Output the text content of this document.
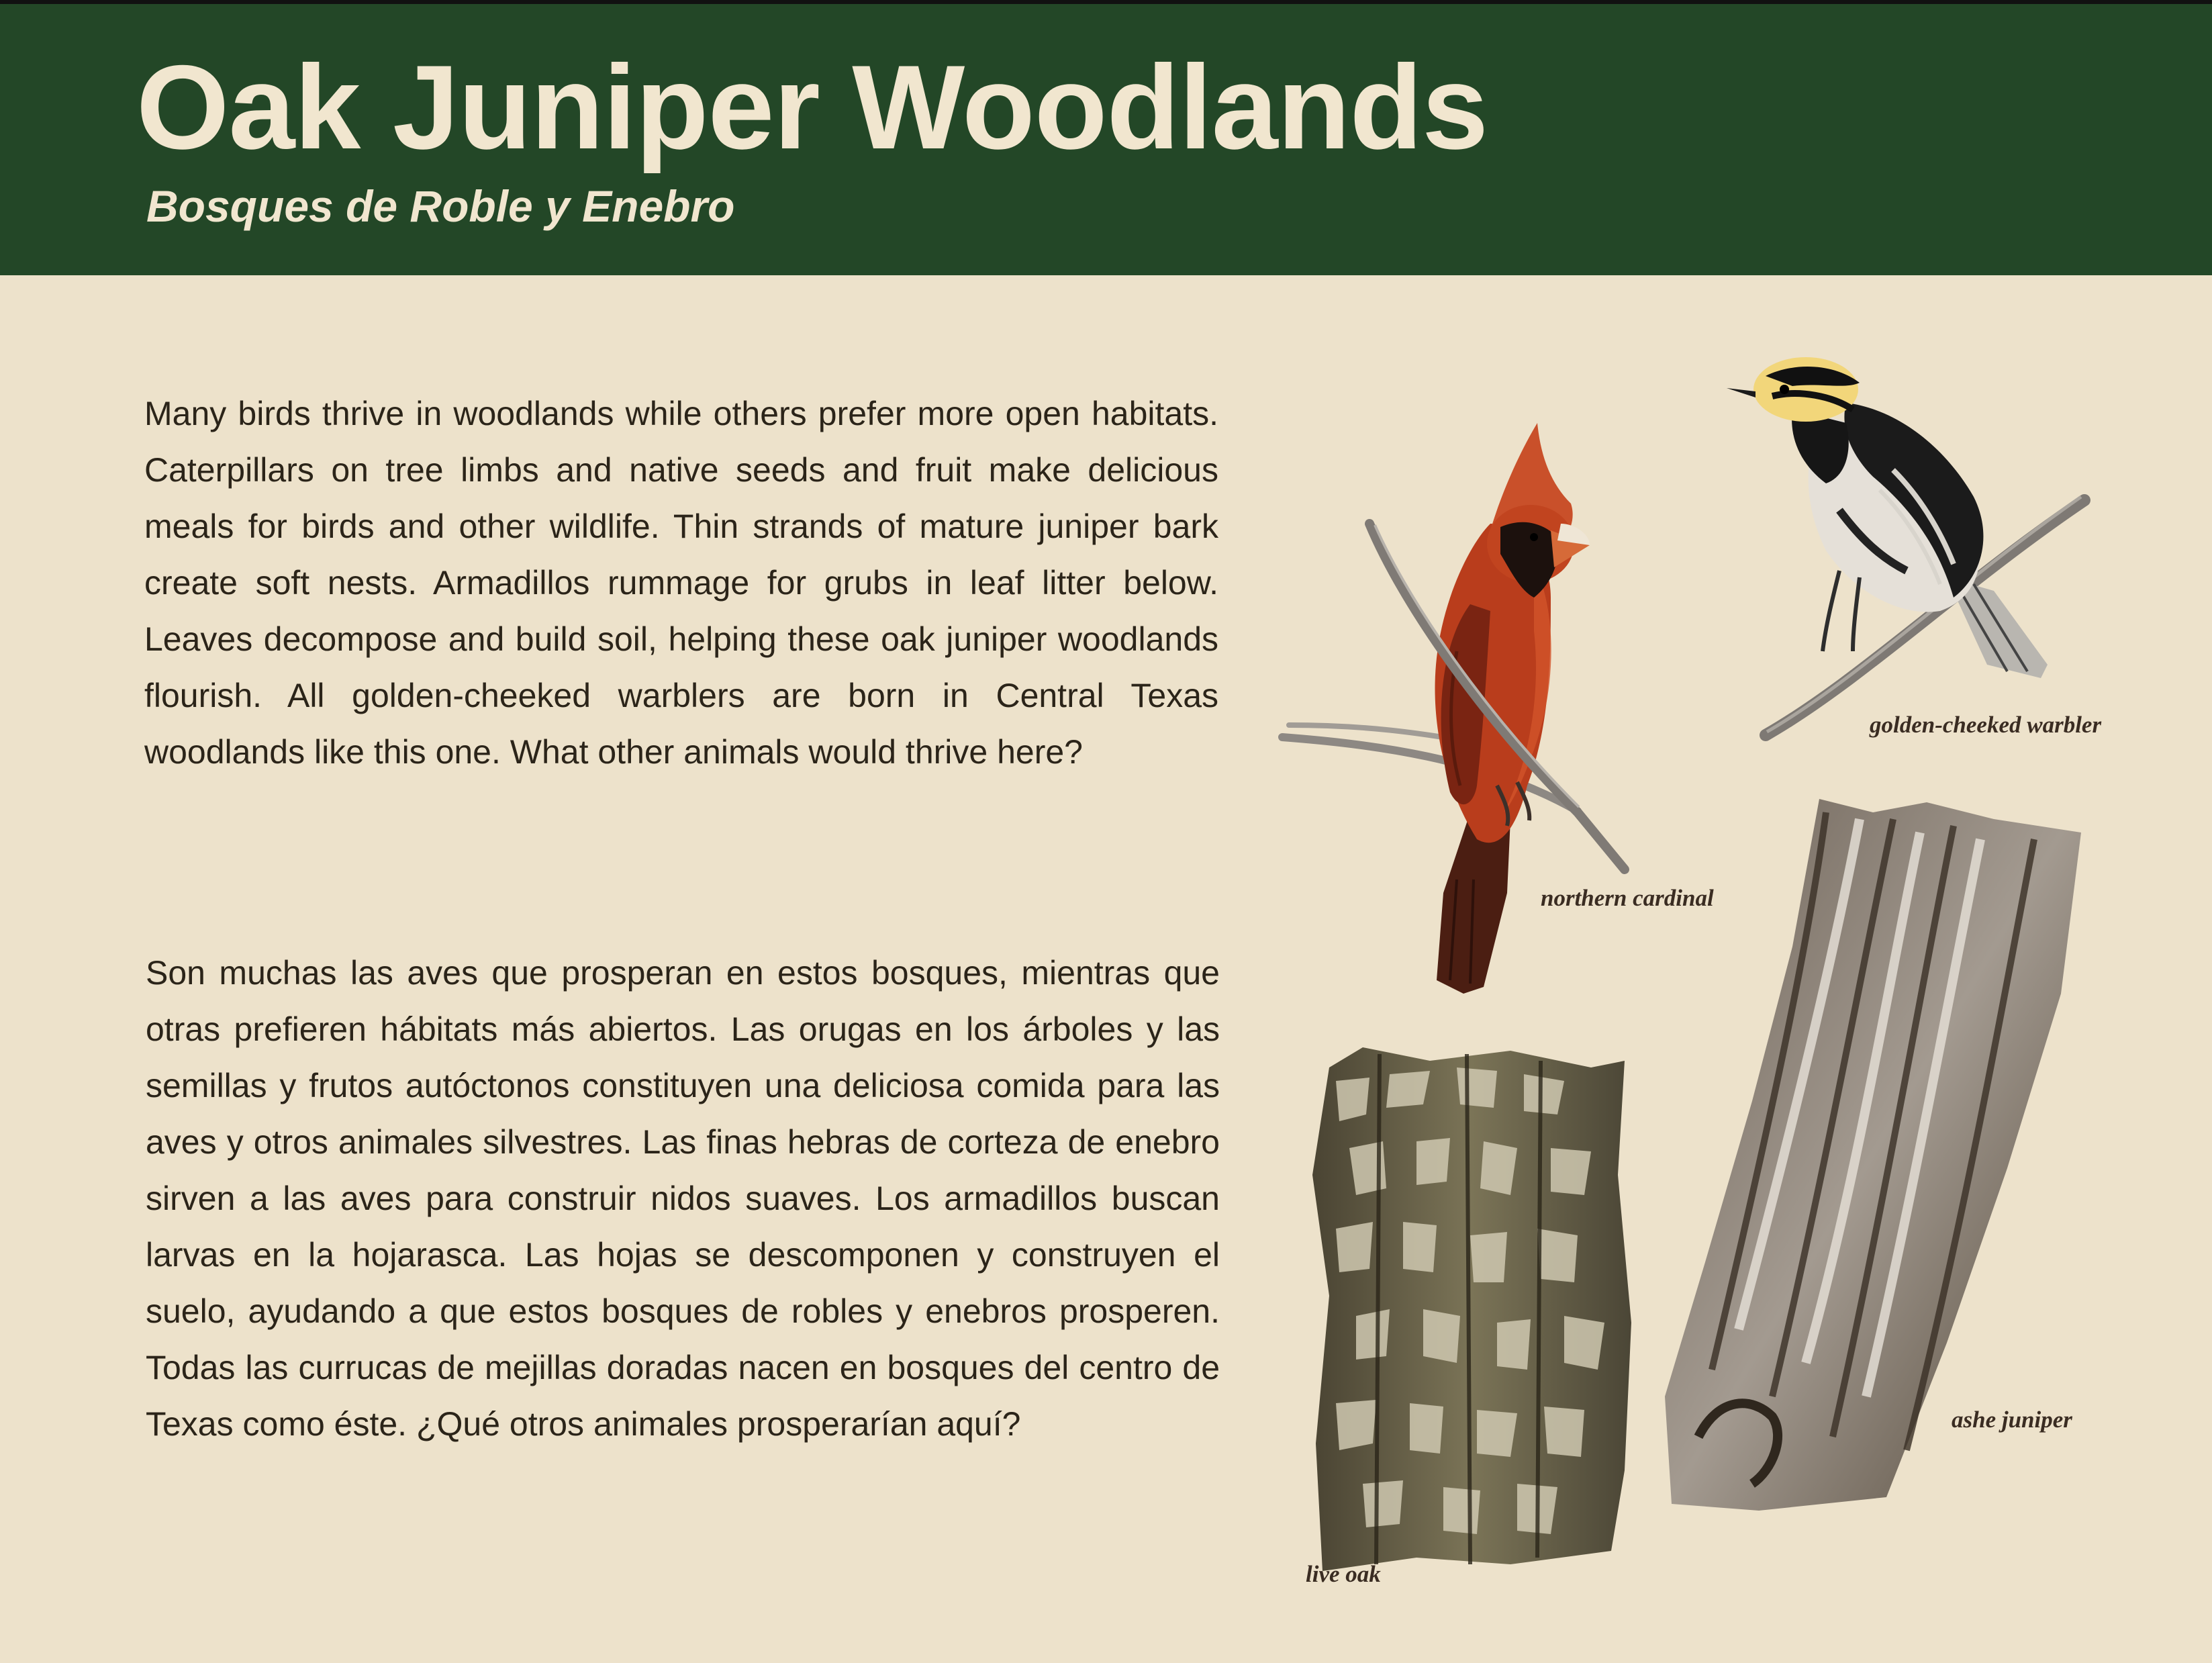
Oak Juniper Woodlands
Bosques de Roble y Enebro

Many birds thrive in woodlands while others prefer more open habitats. Caterpillars on tree limbs and native seeds and fruit make delicious meals for birds and other wildlife. Thin strands of mature juniper bark create soft nests. Armadillos rummage for grubs in leaf litter below. Leaves decompose and build soil, helping these oak juniper woodlands flourish. All golden-cheeked warblers are born in Central Texas woodlands like this one. What other animals would thrive here?

Son muchas las aves que prosperan en estos bosques, mientras que otras prefieren hábitats más abiertos. Las orugas en los árboles y las semillas y frutos autóctonos constituyen una deliciosa comida para las aves y otros animales silvestres. Las finas hebras de corteza de enebro sirven a las aves para construir nidos suaves. Los armadillos buscan larvas en la hojarasca. Las hojas se descomponen y construyen el suelo, ayudando a que estos bosques de robles y enebros prosperen. Todas las currucas de mejillas doradas nacen en bosques del centro de Texas como éste. ¿Qué otros animales prosperarían aquí?

northern cardinal

golden-cheeked warbler

live oak

ashe juniper
